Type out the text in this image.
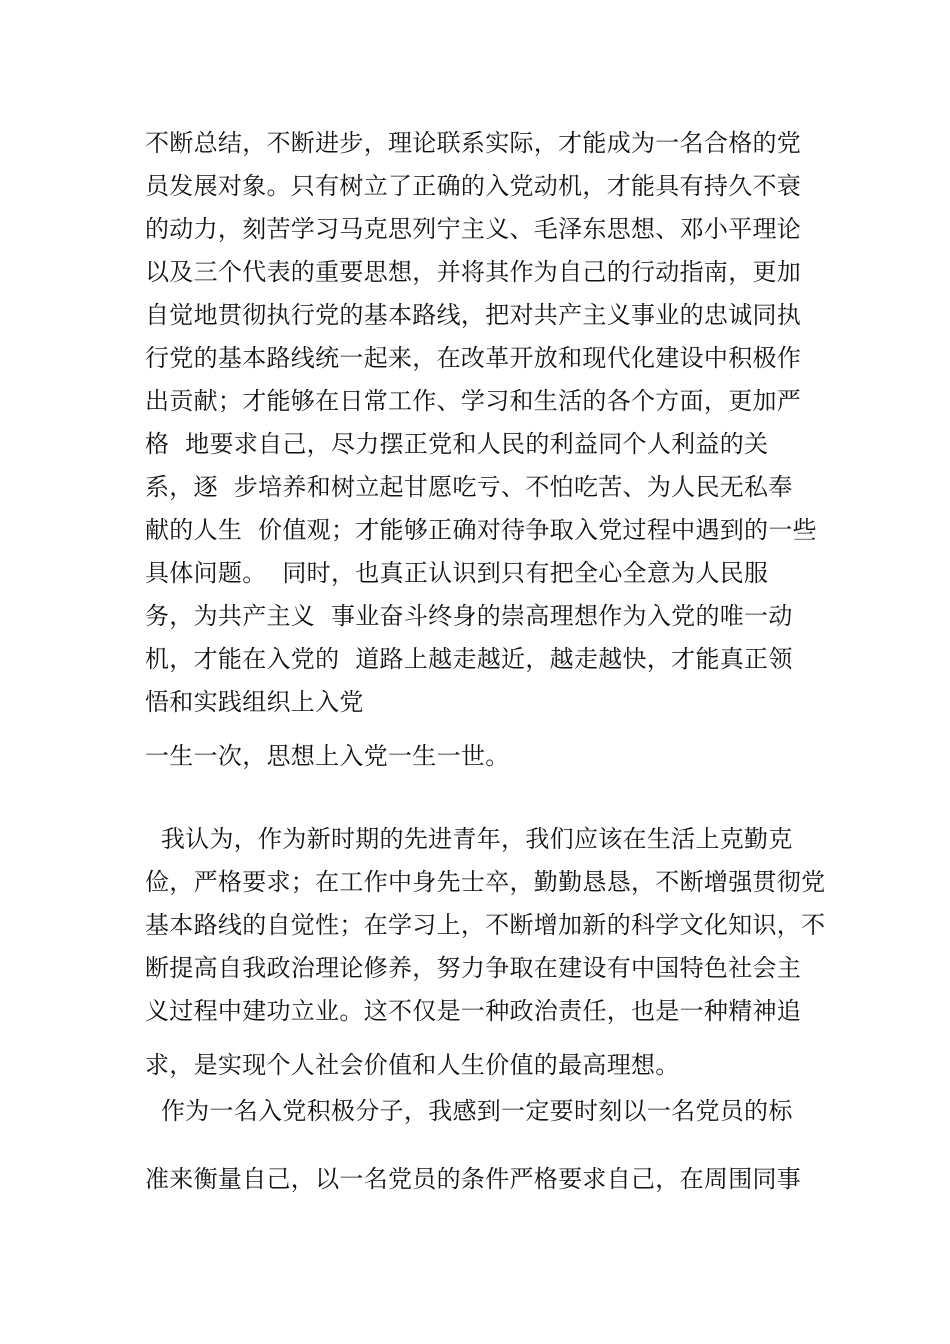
不断总结，不断进步，理论联系实际，才能成为一名合格的党
员发展对象。只有树立了正确的入党动机，才能具有持久不衰
的动力，刻苦学习马克思列宁主义、毛泽东思想、邓小平理论
以及三个代表的重要思想，并将其作为自己的行动指南，更加
自觉地贯彻执行党的基本路线，把对共产主义事业的忠诚同执
行党的基本路线统一起来，在改革开放和现代化建设中积极作
出贡献；才能够在日常工作、学习和生活的各个方面，更加严
格  地要求自己，尽力摆正党和人民的利益同个人利益的关
系，逐  步培养和树立起甘愿吃亏、不怕吃苦、为人民无私奉
献的人生  价值观；才能够正确对待争取入党过程中遇到的一些
具体问题。  同时，也真正认识到只有把全心全意为人民服
务，为共产主义  事业奋斗终身的崇高理想作为入党的唯一动
机，才能在入党的  道路上越走越近，越走越快，才能真正领
悟和实践组织上入党
一生一次，思想上入党一生一世。
我认为，作为新时期的先进青年，我们应该在生活上克勤克
俭，严格要求；在工作中身先士卒，勤勤恳恳，不断增强贯彻党
基本路线的自觉性；在学习上，不断增加新的科学文化知识，不
断提高自我政治理论修养，努力争取在建设有中国特色社会主
义过程中建功立业。这不仅是一种政治责任，也是一种精神追
求，是实现个人社会价值和人生价值的最高理想。
作为一名入党积极分子，我感到一定要时刻以一名党员的标
准来衡量自己，以一名党员的条件严格要求自己，在周围同事
